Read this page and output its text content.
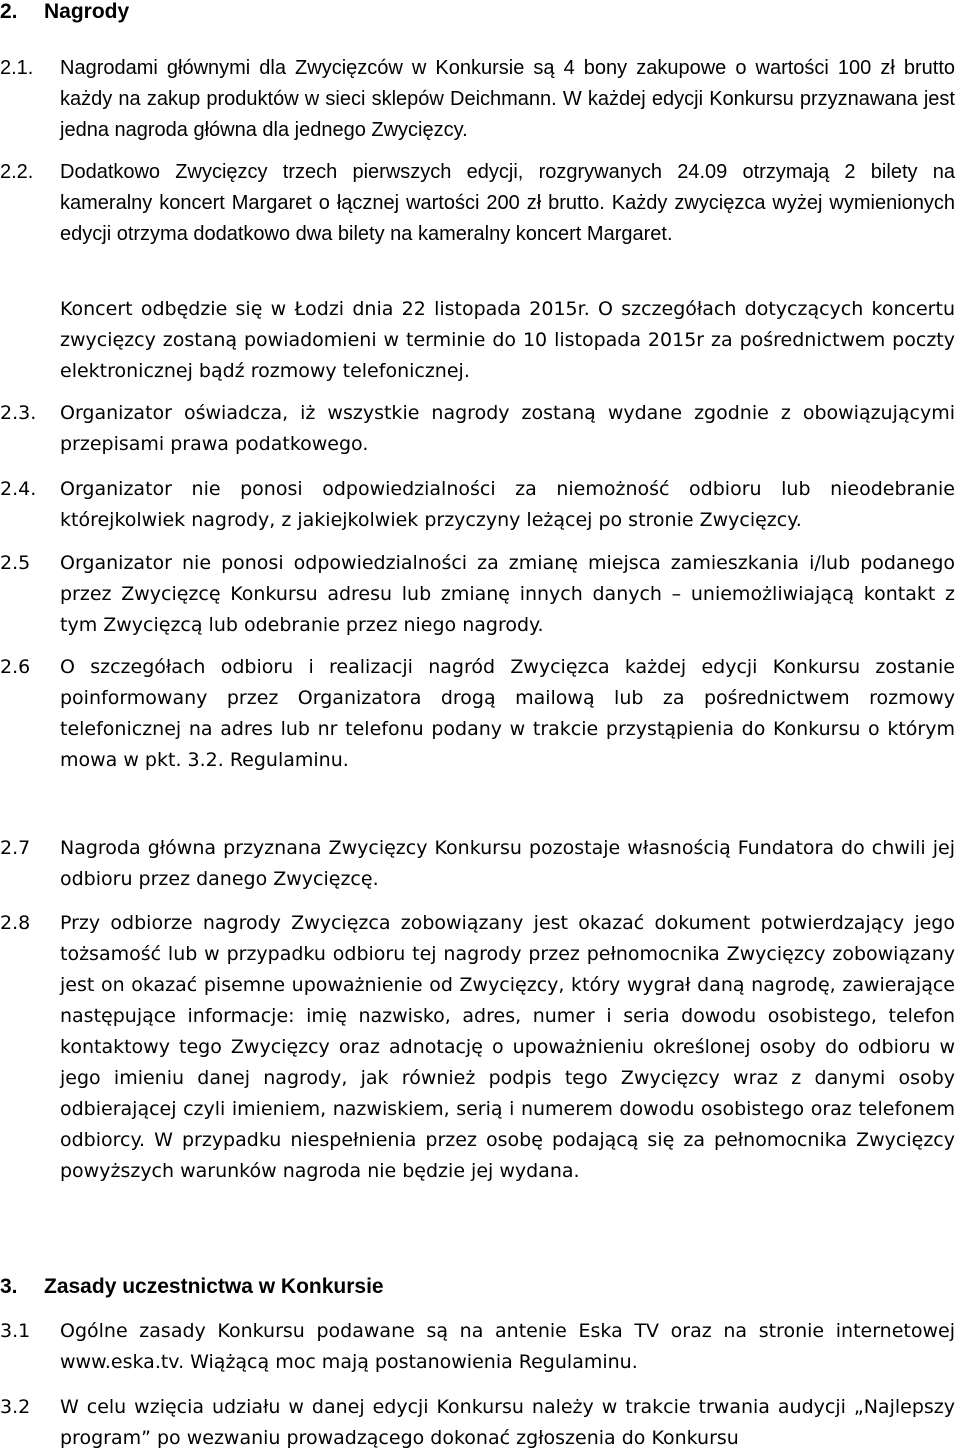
2. Nagrody
2.1. Nagrodami głównymi dla Zwycięzców w Konkursie są 4 bony zakupowe o wartości 100 zł brutto każdy na zakup produktów w sieci sklepów Deichmann. W każdej edycji Konkursu przyznawana jest jedna nagroda główna dla jednego Zwycięzcy.
2.2. Dodatkowo Zwycięzcy trzech pierwszych edycji, rozgrywanych 24.09 otrzymają 2 bilety na kameralny koncert Margaret o łącznej wartości 200 zł brutto. Każdy zwycięzca wyżej wymienionych edycji otrzyma dodatkowo dwa bilety na kameralny koncert Margaret.
Koncert odbędzie się w Łodzi dnia 22 listopada 2015r. O szczegółach dotyczących koncertu zwycięzcy zostaną powiadomieni w terminie do 10 listopada 2015r za pośrednictwem poczty elektronicznej bądź rozmowy telefonicznej.
2.3. Organizator oświadcza, iż wszystkie nagrody zostaną wydane zgodnie z obowiązującymi przepisami prawa podatkowego.
2.4. Organizator nie ponosi odpowiedzialności za niemożność odbioru lub nieodebranie którejkolwiek nagrody, z jakiejkolwiek przyczyny leżącej po stronie Zwycięzcy.
2.5 Organizator nie ponosi odpowiedzialności za zmianę miejsca zamieszkania i/lub podanego przez Zwycięzcę Konkursu adresu lub zmianę innych danych – uniemożliwiającą kontakt z tym Zwycięzcą lub odebranie przez niego nagrody.
2.6 O szczegółach odbioru i realizacji nagród Zwycięzca każdej edycji Konkursu zostanie poinformowany przez Organizatora drogą mailową lub za pośrednictwem rozmowy telefonicznej na adres lub nr telefonu podany w trakcie przystąpienia do Konkursu o którym mowa w pkt. 3.2. Regulaminu.
2.7 Nagroda główna przyznana Zwycięzcy Konkursu pozostaje własnością Fundatora do chwili jej odbioru przez danego Zwycięzcę.
2.8 Przy odbiorze nagrody Zwycięzca zobowiązany jest okazać dokument potwierdzający jego tożsamość lub w przypadku odbioru tej nagrody przez pełnomocnika Zwycięzcy zobowiązany jest on okazać pisemne upoważnienie od Zwycięzcy, który wygrał daną nagrodę, zawierające następujące informacje: imię nazwisko, adres, numer i seria dowodu osobistego, telefon kontaktowy tego Zwycięzcy oraz adnotację o upoważnieniu określonej osoby do odbioru w jego imieniu danej nagrody, jak również podpis tego Zwycięzcy wraz z danymi osoby odbierającej czyli imieniem, nazwiskiem, serią i numerem dowodu osobistego oraz telefonem odbiorcy. W przypadku niespełnienia przez osobę podającą się za pełnomocnika Zwycięzcy powyższych warunków nagroda nie będzie jej wydana.
3. Zasady uczestnictwa w Konkursie
3.1 Ogólne zasady Konkursu podawane są na antenie Eska TV oraz na stronie internetowej www.eska.tv. Wiążącą moc mają postanowienia Regulaminu.
3.2 W celu wzięcia udziału w danej edycji Konkursu należy w trakcie trwania audycji „Najlepszy program” po wezwaniu prowadzącego dokonać zgłoszenia do Konkursu
